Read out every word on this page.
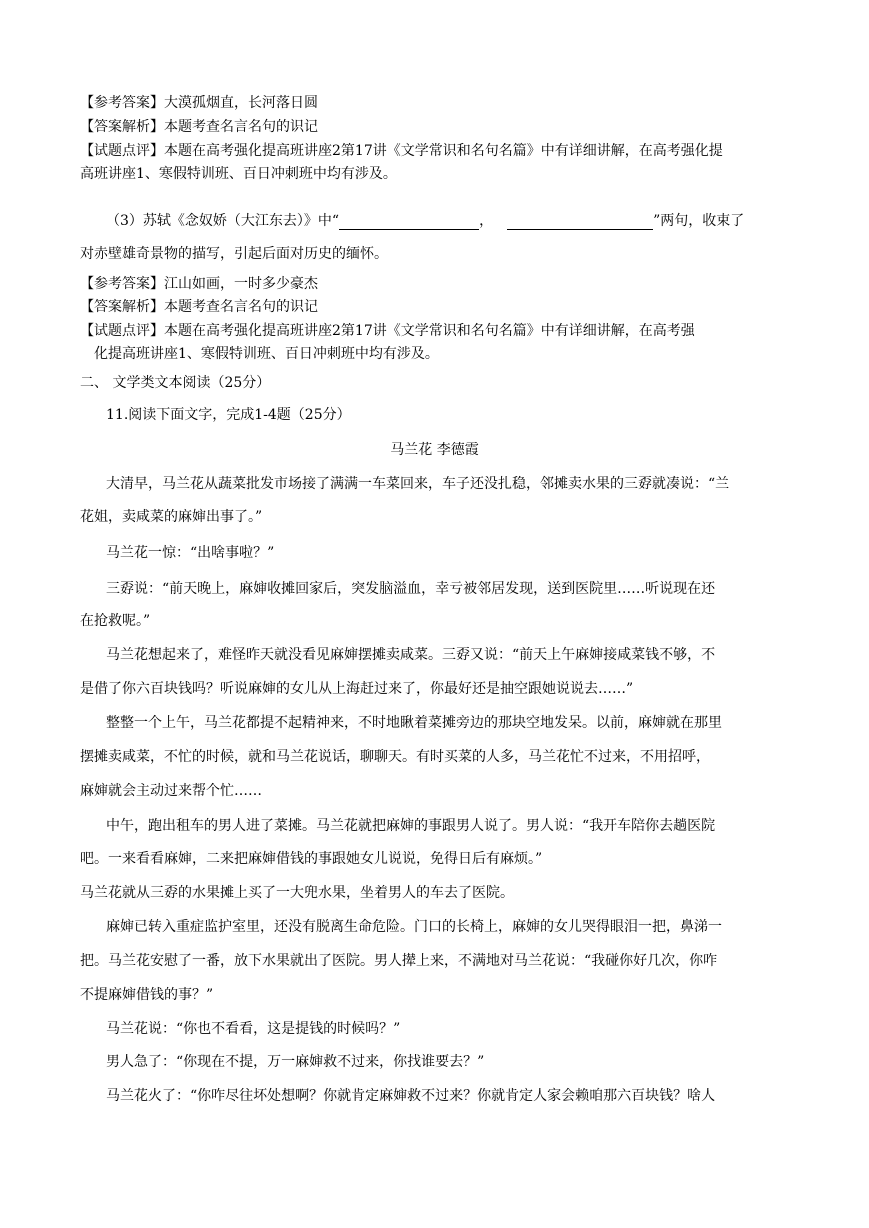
【参考答案】大漠孤烟直，长河落日圆
【答案解析】本题考查名言名句的识记
【试题点评】本题在高考强化提高班讲座2第17讲《文学常识和名句名篇》中有详细讲解，在高考强化提
高班讲座1、寒假特训班、百日冲刺班中均有涉及。
（3）苏轼《念奴娇（大江东去）》中“	，	”两句，收束了
对赤壁雄奇景物的描写，引起后面对历史的缅怀。
【参考答案】江山如画，一时多少豪杰
【答案解析】本题考查名言名句的识记
【试题点评】本题在高考强化提高班讲座2第17讲《文学常识和名句名篇》中有详细讲解，在高考强
化提高班讲座1、寒假特训班、百日冲刺班中均有涉及。
二、 文学类文本阅读（25分）
11.阅读下面文字，完成1-4题（25分）
马兰花 李德霞
大清早，马兰花从蔬菜批发市场接了满满一车菜回来，车子还没扎稳，邻摊卖水果的三孬就凑说：“兰
花姐，卖咸菜的麻婶出事了。”
马兰花一惊：“出啥事啦？”
三孬说：“前天晚上，麻婶收摊回家后，突发脑溢血，幸亏被邻居发现，送到医院里……听说现在还
在抢救呢。”
马兰花想起来了，难怪昨天就没看见麻婶摆摊卖咸菜。三孬又说：“前天上午麻婶接咸菜钱不够，不
是借了你六百块钱吗？听说麻婶的女儿从上海赶过来了，你最好还是抽空跟她说说去……”
整整一个上午，马兰花都提不起精神来，不时地瞅着菜摊旁边的那块空地发呆。以前，麻婶就在那里
摆摊卖咸菜，不忙的时候，就和马兰花说话，聊聊天。有时买菜的人多，马兰花忙不过来，不用招呼，
麻婶就会主动过来帮个忙……
中午，跑出租车的男人进了菜摊。马兰花就把麻婶的事跟男人说了。男人说：“我开车陪你去趟医院
吧。一来看看麻婶，二来把麻婶借钱的事跟她女儿说说，免得日后有麻烦。”
马兰花就从三孬的水果摊上买了一大兜水果，坐着男人的车去了医院。
麻婶已转入重症监护室里，还没有脱离生命危险。门口的长椅上，麻婶的女儿哭得眼泪一把，鼻涕一
把。马兰花安慰了一番，放下水果就出了医院。男人撵上来，不满地对马兰花说：“我碰你好几次，你咋
不提麻婶借钱的事？”
马兰花说：“你也不看看，这是提钱的时候吗？”
男人急了：“你现在不提，万一麻婶救不过来，你找谁要去？”
马兰花火了：“你咋尽往坏处想啊？你就肯定麻婶救不过来？你就肯定人家会赖咱那六百块钱？啥人
